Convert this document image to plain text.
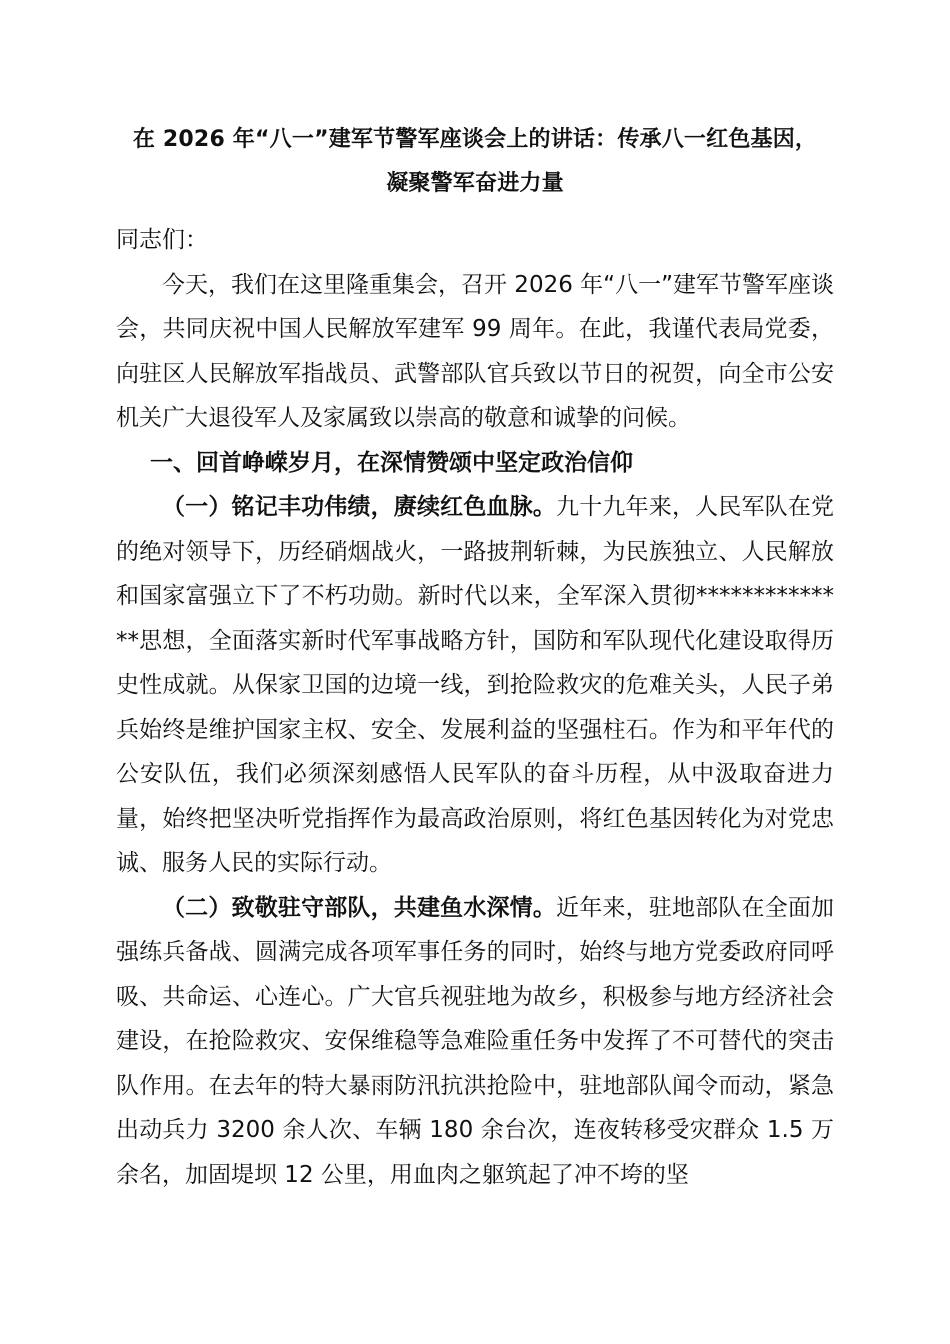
在 2026 年“八一”建军节警军座谈会上的讲话：传承八一红色基因，
凝聚警军奋进力量
同志们：

今天，我们在这里隆重集会，召开 2026 年“八一”建军节警军座谈会，共同庆祝中国人民解放军建军 99 周年。在此，我谨代表局党委，向驻区人民解放军指战员、武警部队官兵致以节日的祝贺，向全市公安机关广大退役军人及家属致以崇高的敬意和诚挚的问候。

一、回首峥嵘岁月，在深情赞颂中坚定政治信仰

（一）铭记丰功伟绩，赓续红色血脉。九十九年来，人民军队在党的绝对领导下，历经硝烟战火，一路披荆斩棘，为民族独立、人民解放和国家富强立下了不朽功勋。新时代以来，全军深入贯彻**************思想，全面落实新时代军事战略方针，国防和军队现代化建设取得历史性成就。从保家卫国的边境一线，到抢险救灾的危难关头，人民子弟兵始终是维护国家主权、安全、发展利益的坚强柱石。作为和平年代的公安队伍，我们必须深刻感悟人民军队的奋斗历程，从中汲取奋进力量，始终把坚决听党指挥作为最高政治原则，将红色基因转化为对党忠诚、服务人民的实际行动。

（二）致敬驻守部队，共建鱼水深情。近年来，驻地部队在全面加强练兵备战、圆满完成各项军事任务的同时，始终与地方党委政府同呼吸、共命运、心连心。广大官兵视驻地为故乡，积极参与地方经济社会建设，在抢险救灾、安保维稳等急难险重任务中发挥了不可替代的突击队作用。在去年的特大暴雨防汛抗洪抢险中，驻地部队闻令而动，紧急出动兵力 3200 余人次、车辆 180 余台次，连夜转移受灾群众 1.5 万余名，加固堤坝 12 公里，用血肉之躯筑起了冲不垮的坚
